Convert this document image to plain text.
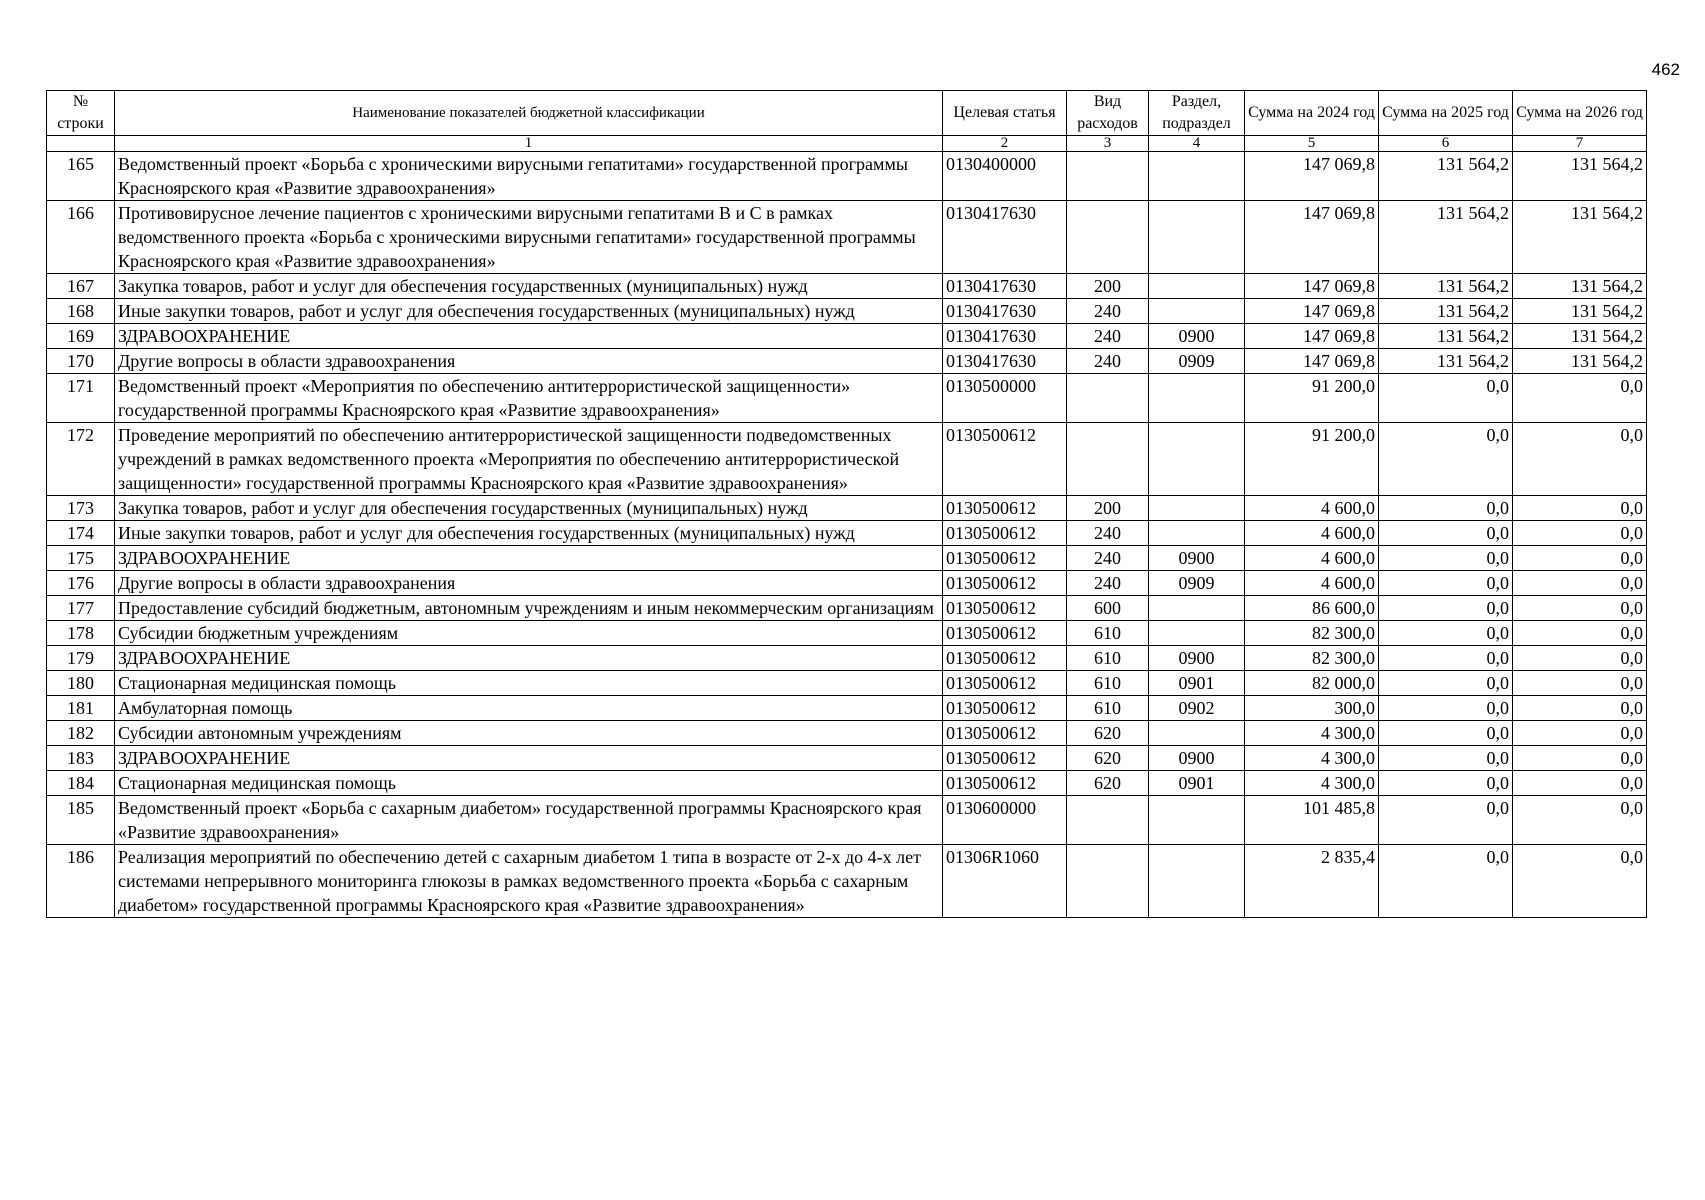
462
№ строки	Наименование показателей бюджетной классификации	Целевая статья	Вид расходов	Раздел, подраздел	Сумма на 2024 год	Сумма на 2025 год	Сумма на 2026 год
	1	2	3	4	5	6	7
165	Ведомственный проект «Борьба с хроническими вирусными гепатитами» государственной программы Красноярского края «Развитие здравоохранения»	0130400000			147 069,8	131 564,2	131 564,2
166	Противовирусное лечение пациентов с хроническими вирусными гепатитами В и С в рамках ведомственного проекта «Борьба с хроническими вирусными гепатитами» государственной программы Красноярского края «Развитие здравоохранения»	0130417630			147 069,8	131 564,2	131 564,2
167	Закупка товаров, работ и услуг для обеспечения государственных (муниципальных) нужд	0130417630	200		147 069,8	131 564,2	131 564,2
168	Иные закупки товаров, работ и услуг для обеспечения государственных (муниципальных) нужд	0130417630	240		147 069,8	131 564,2	131 564,2
169	ЗДРАВООХРАНЕНИЕ	0130417630	240	0900	147 069,8	131 564,2	131 564,2
170	Другие вопросы в области здравоохранения	0130417630	240	0909	147 069,8	131 564,2	131 564,2
171	Ведомственный проект «Мероприятия по обеспечению антитеррористической защищенности» государственной программы Красноярского края «Развитие здравоохранения»	0130500000			91 200,0	0,0	0,0
172	Проведение мероприятий по обеспечению антитеррористической защищенности подведомственных учреждений в рамках ведомственного проекта «Мероприятия по обеспечению антитеррористической защищенности» государственной программы Красноярского края «Развитие здравоохранения»	0130500612			91 200,0	0,0	0,0
173	Закупка товаров, работ и услуг для обеспечения государственных (муниципальных) нужд	0130500612	200		4 600,0	0,0	0,0
174	Иные закупки товаров, работ и услуг для обеспечения государственных (муниципальных) нужд	0130500612	240		4 600,0	0,0	0,0
175	ЗДРАВООХРАНЕНИЕ	0130500612	240	0900	4 600,0	0,0	0,0
176	Другие вопросы в области здравоохранения	0130500612	240	0909	4 600,0	0,0	0,0
177	Предоставление субсидий бюджетным, автономным учреждениям и иным некоммерческим организациям	0130500612	600		86 600,0	0,0	0,0
178	Субсидии бюджетным учреждениям	0130500612	610		82 300,0	0,0	0,0
179	ЗДРАВООХРАНЕНИЕ	0130500612	610	0900	82 300,0	0,0	0,0
180	Стационарная медицинская помощь	0130500612	610	0901	82 000,0	0,0	0,0
181	Амбулаторная помощь	0130500612	610	0902	300,0	0,0	0,0
182	Субсидии автономным учреждениям	0130500612	620		4 300,0	0,0	0,0
183	ЗДРАВООХРАНЕНИЕ	0130500612	620	0900	4 300,0	0,0	0,0
184	Стационарная медицинская помощь	0130500612	620	0901	4 300,0	0,0	0,0
185	Ведомственный проект «Борьба с сахарным диабетом» государственной программы Красноярского края «Развитие здравоохранения»	0130600000			101 485,8	0,0	0,0
186	Реализация мероприятий по обеспечению детей с сахарным диабетом 1 типа в возрасте от 2-х до 4-х лет системами непрерывного мониторинга глюкозы в рамках ведомственного проекта «Борьба с сахарным диабетом» государственной программы Красноярского края «Развитие здравоохранения»	01306R1060			2 835,4	0,0	0,0
